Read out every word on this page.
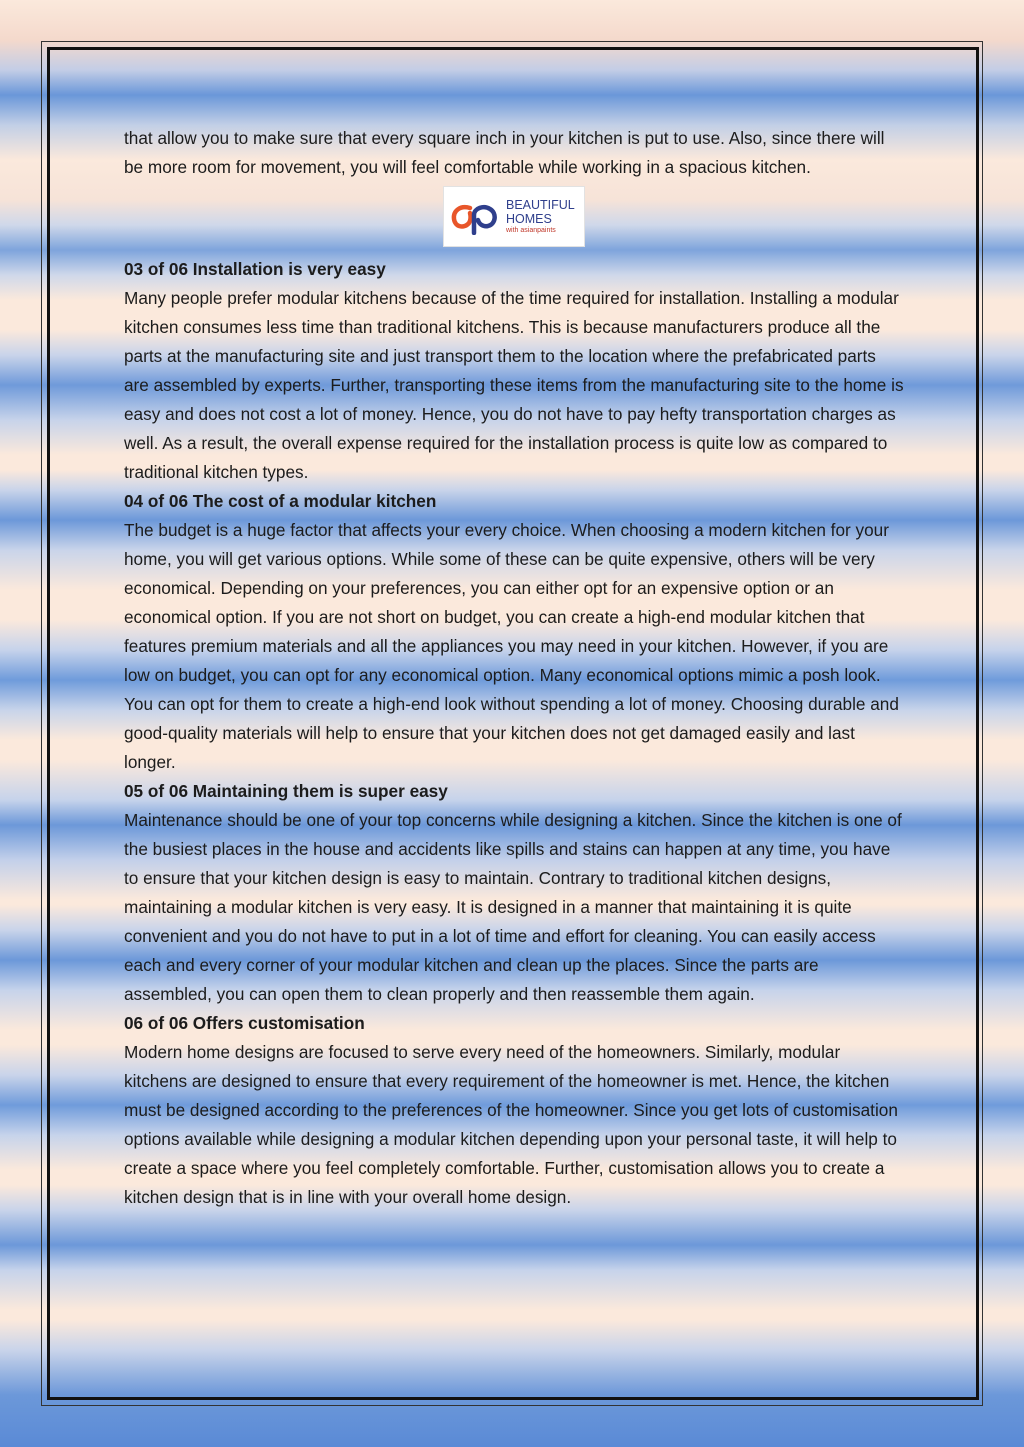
that allow you to make sure that every square inch in your kitchen is put to use. Also, since there will be more room for movement, you will feel comfortable while working in a spacious kitchen.

BEAUTIFUL
HOMES
with asianpaints
03 of 06 Installation is very easy

Many people prefer modular kitchens because of the time required for installation. Installing a modular kitchen consumes less time than traditional kitchens. This is because manufacturers produce all the parts at the manufacturing site and just transport them to the location where the prefabricated parts are assembled by experts. Further, transporting these items from the manufacturing site to the home is easy and does not cost a lot of money. Hence, you do not have to pay hefty transportation charges as well. As a result, the overall expense required for the installation process is quite low as compared to traditional kitchen types.

04 of 06 The cost of a modular kitchen

The budget is a huge factor that affects your every choice. When choosing a modern kitchen for your home, you will get various options. While some of these can be quite expensive, others will be very economical. Depending on your preferences, you can either opt for an expensive option or an economical option. If you are not short on budget, you can create a high-end modular kitchen that features premium materials and all the appliances you may need in your kitchen. However, if you are low on budget, you can opt for any economical option. Many economical options mimic a posh look. You can opt for them to create a high-end look without spending a lot of money. Choosing durable and good-quality materials will help to ensure that your kitchen does not get damaged easily and last longer.

05 of 06 Maintaining them is super easy

Maintenance should be one of your top concerns while designing a kitchen. Since the kitchen is one of the busiest places in the house and accidents like spills and stains can happen at any time, you have to ensure that your kitchen design is easy to maintain. Contrary to traditional kitchen designs, maintaining a modular kitchen is very easy. It is designed in a manner that maintaining it is quite convenient and you do not have to put in a lot of time and effort for cleaning. You can easily access each and every corner of your modular kitchen and clean up the places. Since the parts are assembled, you can open them to clean properly and then reassemble them again.

06 of 06 Offers customisation

Modern home designs are focused to serve every need of the homeowners. Similarly, modular kitchens are designed to ensure that every requirement of the homeowner is met. Hence, the kitchen must be designed according to the preferences of the homeowner. Since you get lots of customisation options available while designing a modular kitchen depending upon your personal taste, it will help to create a space where you feel completely comfortable. Further, customisation allows you to create a kitchen design that is in line with your overall home design.
